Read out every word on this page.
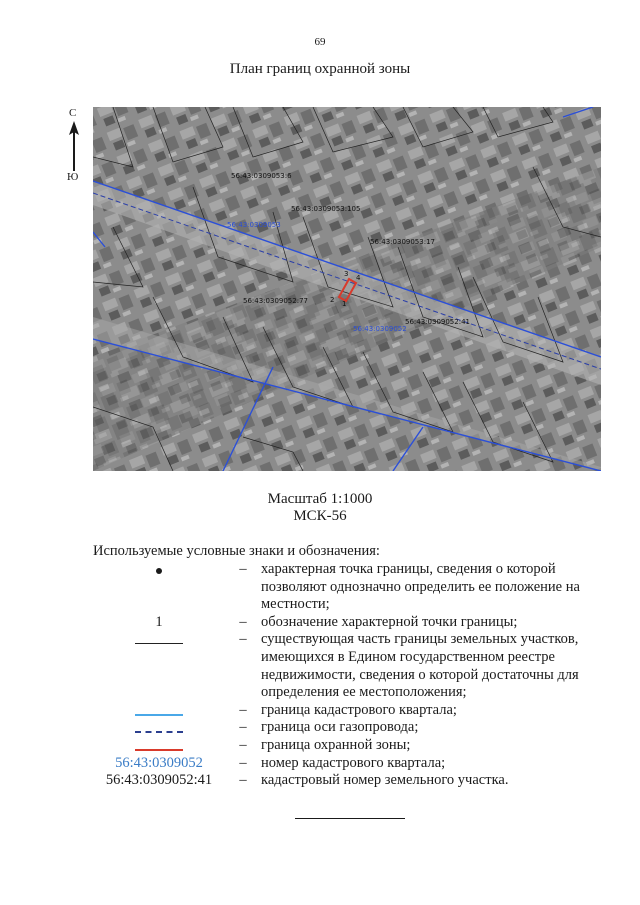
69
План границ охранной зоны
С
Ю	56:43:0309053:6
56:43:0309053:105
56:43:0309053:17
56:43:0309052:77
56:43:0309052:41
56:43:0309053
56:43:0309052
3 4
2 1
Масштаб 1:1000
МСК-56
Используемые условные знаки и обозначения:
– характерная точка границы, сведения о которой позволяют однозначно определить ее положение на местности;
1	– обозначение характерной точки границы;
– существующая часть границы земельных участков, имеющихся в Едином государственном реестре недвижимости, сведения о которой достаточны для определения ее местоположения;
– граница кадастрового квартала;
– граница оси газопровода;
– граница охранной зоны;
56:43:0309052	– номер кадастрового квартала;
56:43:0309052:41	– кадастровый номер земельного участка.
